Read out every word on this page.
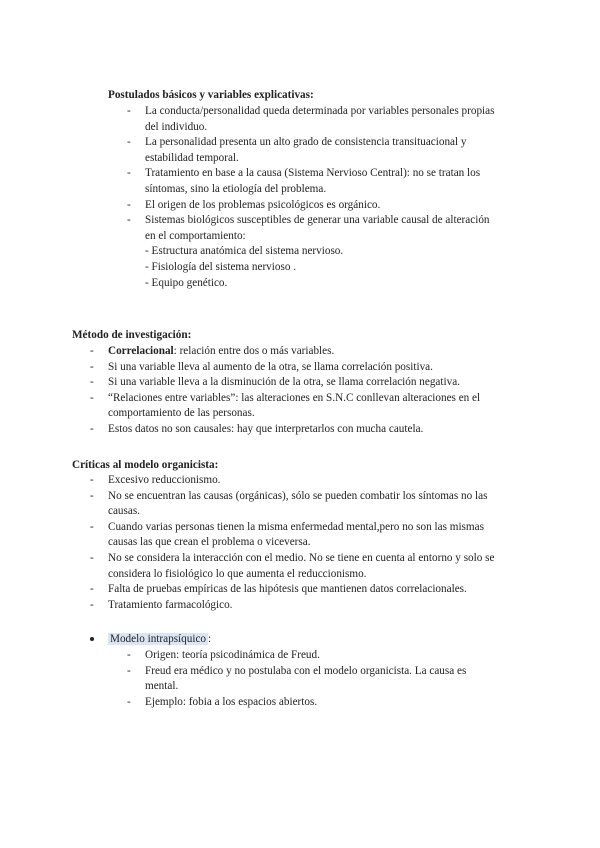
Postulados básicos y variables explicativas:
- La conducta/personalidad queda determinada por variables personales propias

del individuo.

- La personalidad presenta un alto grado de consistencia transituacional y

estabilidad temporal.

- Tratamiento en base a la causa (Sistema Nervioso Central): no se tratan los

síntomas, sino la etiología del problema.

- El origen de los problemas psicológicos es orgánico.

- Sistemas biológicos susceptibles de generar una variable causal de alteración

en el comportamiento:

- Estructura anatómica del sistema nervioso.

- Fisiología del sistema nervioso .

- Equipo genético.

Método de investigación:
- Correlacional: relación entre dos o más variables.

- Si una variable lleva al aumento de la otra, se llama correlación positiva.

- Si una variable lleva a la disminución de la otra, se llama correlación negativa.

- “Relaciones entre variables”: las alteraciones en S.N.C conllevan alteraciones en el

comportamiento de las personas.

- Estos datos no son causales: hay que interpretarlos con mucha cautela.

Críticas al modelo organicista:
- Excesivo reduccionismo.

- No se encuentran las causas (orgánicas), sólo se pueden combatir los síntomas no las

causas.

- Cuando varias personas tienen la misma enfermedad mental,pero no son las mismas

causas las que crean el problema o viceversa.

- No se considera la interacción con el medio. No se tiene en cuenta al entorno y solo se

considera lo fisiológico lo que aumenta el reduccionismo.

- Falta de pruebas empíricas de las hipótesis que mantienen datos correlacionales.

- Tratamiento farmacológico.

Modelo intrapsíquico :
- Origen: teoría psicodinámica de Freud.

- Freud era médico y no postulaba con el modelo organicista. La causa es

mental.

- Ejemplo: fobia a los espacios abiertos.
